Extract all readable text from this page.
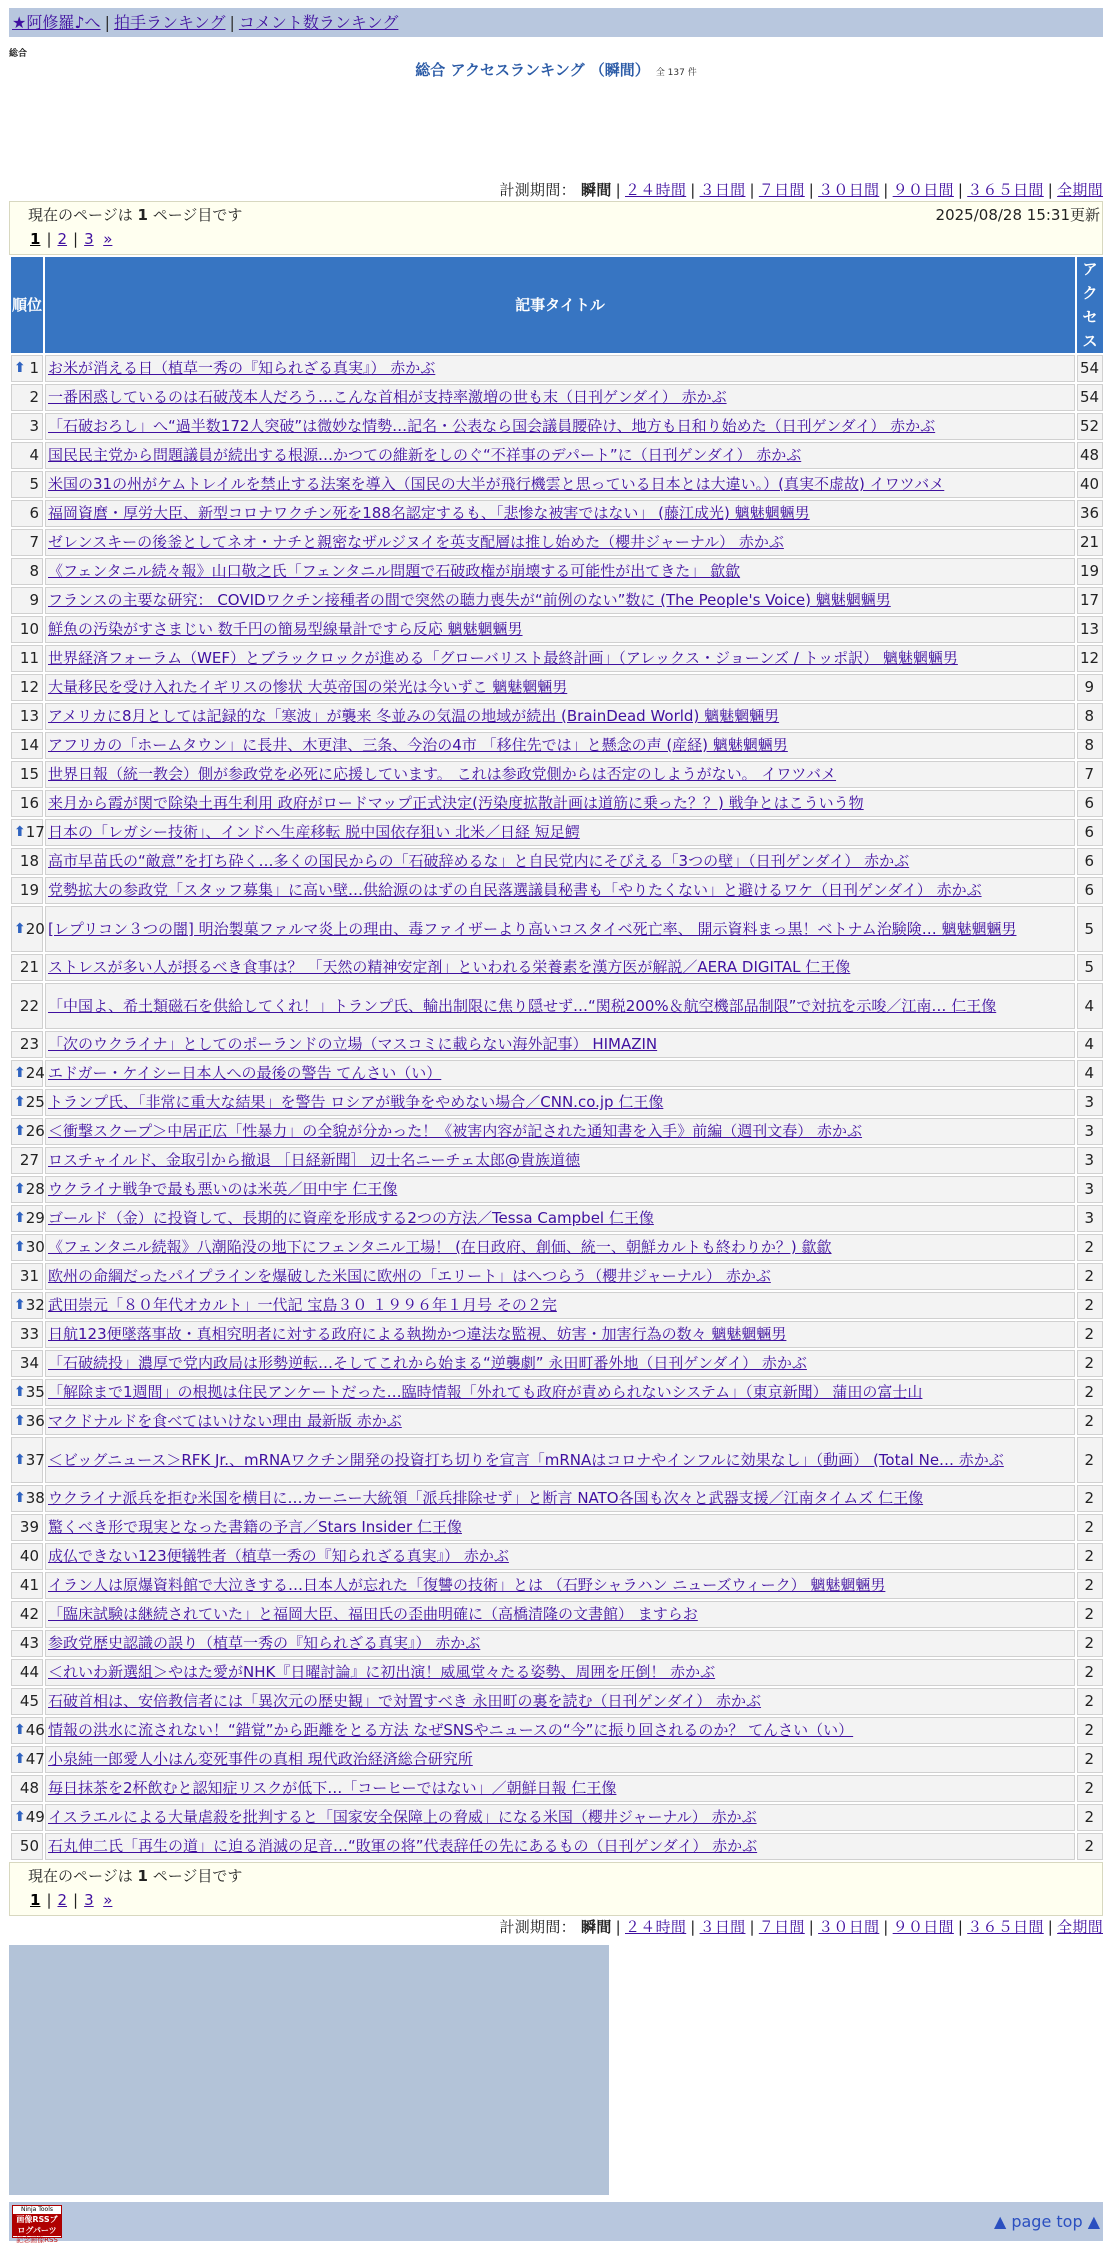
★阿修羅♪へ | 拍手ランキング | コメント数ランキング
総合
総合 アクセスランキング （瞬間） 全 137 件
計測期間： 瞬間 | ２４時間 | ３日間 | ７日間 | ３０日間 | ９０日間 | ３６５日間 | 全期間
現在のページは 1 ページ目です	2025/08/28 15:31更新
1 | 2 | 3 »
順位	記事タイトル	アクセス

⬆ 1	お米が消える日（植草一秀の『知られざる真実』） 赤かぶ	54
2	一番困惑しているのは石破茂本人だろう…こんな首相が支持率激増の世も末（日刊ゲンダイ） 赤かぶ	54
3	「石破おろし」へ“過半数172人突破”は微妙な情勢…記名・公表なら国会議員腰砕け、地方も日和り始めた（日刊ゲンダイ） 赤かぶ	52
4	国民民主党から問題議員が続出する根源…かつての維新をしのぐ“不祥事のデパート”に（日刊ゲンダイ） 赤かぶ	48
5	米国の31の州がケムトレイルを禁止する法案を導入（国民の大半が飛行機雲と思っている日本とは大違い。）(真実不虚故) イワツバメ	40
6	福岡資麿・厚労大臣、新型コロナワクチン死を188名認定するも、「悲惨な被害ではない」 (藤江成光) 魑魅魍魎男	36
7	ゼレンスキーの後釜としてネオ・ナチと親密なザルジヌイを英支配層は推し始めた（櫻井ジャーナル） 赤かぶ	21
8	《フェンタニル続々報》山口敬之氏「フェンタニル問題で石破政権が崩壊する可能性が出てきた」 歙歙	19
9	フランスの主要な研究： COVIDワクチン接種者の間で突然の聴力喪失が“前例のない”数に (The People's Voice) 魑魅魍魎男	17
10	鮮魚の汚染がすさまじい 数千円の簡易型線量計ですら反応 魑魅魍魎男	13
11	世界経済フォーラム（WEF）とブラックロックが進める「グローバリスト最終計画」（アレックス・ジョーンズ / トッポ訳） 魑魅魍魎男	12
12	大量移民を受け入れたイギリスの惨状 大英帝国の栄光は今いずこ 魑魅魍魎男	9
13	アメリカに8月としては記録的な「寒波」が襲来 冬並みの気温の地域が続出 (BrainDead World) 魑魅魍魎男	8
14	アフリカの「ホームタウン」に長井、木更津、三条、今治の4市 「移住先では」と懸念の声 (産経) 魑魅魍魎男	8
15	世界日報（統一教会）側が参政党を必死に応援しています。 これは参政党側からは否定のしようがない。 イワツバメ	7
16	来月から霞が関で除染土再生利用 政府がロードマップ正式決定(汚染度拡散計画は道筋に乗った？？) 戦争とはこういう物	6

⬆ 17	日本の「レガシー技術」、インドへ生産移転 脱中国依存狙い 北米／日経 短足鰐	6
18	高市早苗氏の“敵意”を打ち砕く…多くの国民からの「石破辞めるな」と自民党内にそびえる「3つの壁」（日刊ゲンダイ） 赤かぶ	6
19	党勢拡大の参政党「スタッフ募集」に高い壁…供給源のはずの自民落選議員秘書も「やりたくない」と避けるワケ（日刊ゲンダイ） 赤かぶ	6

⬆ 20	[レプリコン３つの闇] 明治製菓ファルマ炎上の理由、毒ファイザーより高いコスタイベ死亡率、 開示資料まっ黒！ベトナム治験険… 魑魅魍魎男	5
21	ストレスが多い人が摂るべき食事は？ 「天然の精神安定剤」といわれる栄養素を漢方医が解説／AERA DIGITAL 仁王像	5
22	「中国よ、希土類磁石を供給してくれ！」トランプ氏、輸出制限に焦り隠せず…“関税200%＆航空機部品制限”で対抗を示唆／江南… 仁王像	4
23	「次のウクライナ」としてのポーランドの立場（マスコミに載らない海外記事） HIMAZIN	4

⬆ 24	エドガー・ケイシー日本人への最後の警告 てんさい（い）	4

⬆ 25	トランプ氏、「非常に重大な結果」を警告 ロシアが戦争をやめない場合／CNN.co.jp 仁王像	3

⬆ 26	＜衝撃スクープ＞中居正広「性暴力」の全貌が分かった！《被害内容が記された通知書を入手》前編（週刊文春） 赤かぶ	3
27	ロスチャイルド、金取引から撤退 ［日経新聞］ 辺士名ニーチェ太郎@貴族道徳	3

⬆ 28	ウクライナ戦争で最も悪いのは米英／田中宇 仁王像	3

⬆ 29	ゴールド（金）に投資して、長期的に資産を形成する2つの方法／Tessa Campbel 仁王像	3

⬆ 30	《フェンタニル続報》八潮陥没の地下にフェンタニル工場！ (在日政府、創価、統一、朝鮮カルトも終わりか？) 歙歙	2
31	欧州の命綱だったパイプラインを爆破した米国に欧州の「エリート」はへつらう（櫻井ジャーナル） 赤かぶ	2

⬆ 32	武田崇元「８０年代オカルト」一代記 宝島３０ １９９６年１月号 その２完	2
33	日航123便墜落事故・真相究明者に対する政府による執拗かつ違法な監視、妨害・加害行為の数々 魑魅魍魎男	2
34	「石破続投」濃厚で党内政局は形勢逆転…そしてこれから始まる“逆襲劇” 永田町番外地（日刊ゲンダイ） 赤かぶ	2

⬆ 35	「解除まで1週間」の根拠は住民アンケートだった…臨時情報「外れても政府が責められないシステム」（東京新聞） 蒲田の富士山	2

⬆ 36	マクドナルドを食べてはいけない理由 最新版 赤かぶ	2

⬆ 37	＜ビッグニュース＞RFK Jr.、mRNAワクチン開発の投資打ち切りを宣言「mRNAはコロナやインフルに効果なし」（動画） (Total Ne… 赤かぶ	2

⬆ 38	ウクライナ派兵を拒む米国を横目に…カーニー大統領「派兵排除せず」と断言 NATO各国も次々と武器支援／江南タイムズ 仁王像	2
39	驚くべき形で現実となった書籍の予言／Stars Insider 仁王像	2
40	成仏できない123便犠牲者（植草一秀の『知られざる真実』） 赤かぶ	2
41	イラン人は原爆資料館で大泣きする…日本人が忘れた「復讐の技術」とは （石野シャラハン ニューズウィーク） 魑魅魍魎男	2
42	「臨床試験は継続されていた」と福岡大臣、福田氏の歪曲明確に（高橋清隆の文書館） ますらお	2
43	参政党歴史認識の誤り（植草一秀の『知られざる真実』） 赤かぶ	2
44	＜れいわ新選組＞やはた愛がNHK『日曜討論』に初出演！威風堂々たる姿勢、周囲を圧倒！ 赤かぶ	2
45	石破首相は、安倍教信者には「異次元の歴史観」で対置すべき 永田町の裏を読む（日刊ゲンダイ） 赤かぶ	2

⬆ 46	情報の洪水に流されない！“錯覚”から距離をとる方法 なぜSNSやニュースの“今”に振り回されるのか？ てんさい（い）	2

⬆ 47	小泉純一郎愛人小はん変死事件の真相 現代政治経済総合研究所	2
48	毎日抹茶を2杯飲むと認知症リスクが低下…「コーヒーではない」／朝鮮日報 仁王像	2

⬆ 49	イスラエルによる大量虐殺を批判すると「国家安全保障上の脅威」になる米国（櫻井ジャーナル） 赤かぶ	2
50	石丸伸二氏「再生の道」に迫る消滅の足音…“敗軍の将”代表辞任の先にあるもの（日刊ゲンダイ） 赤かぶ	2
現在のページは 1 ページ目です
1 | 2 | 3 »
計測期間： 瞬間 | ２４時間 | ３日間 | ７日間 | ３０日間 | ９０日間 | ３６５日間 | 全期間
Ninja Tools
画像RSSブログパーツ
記念画像RSS
▲ page top ▲
